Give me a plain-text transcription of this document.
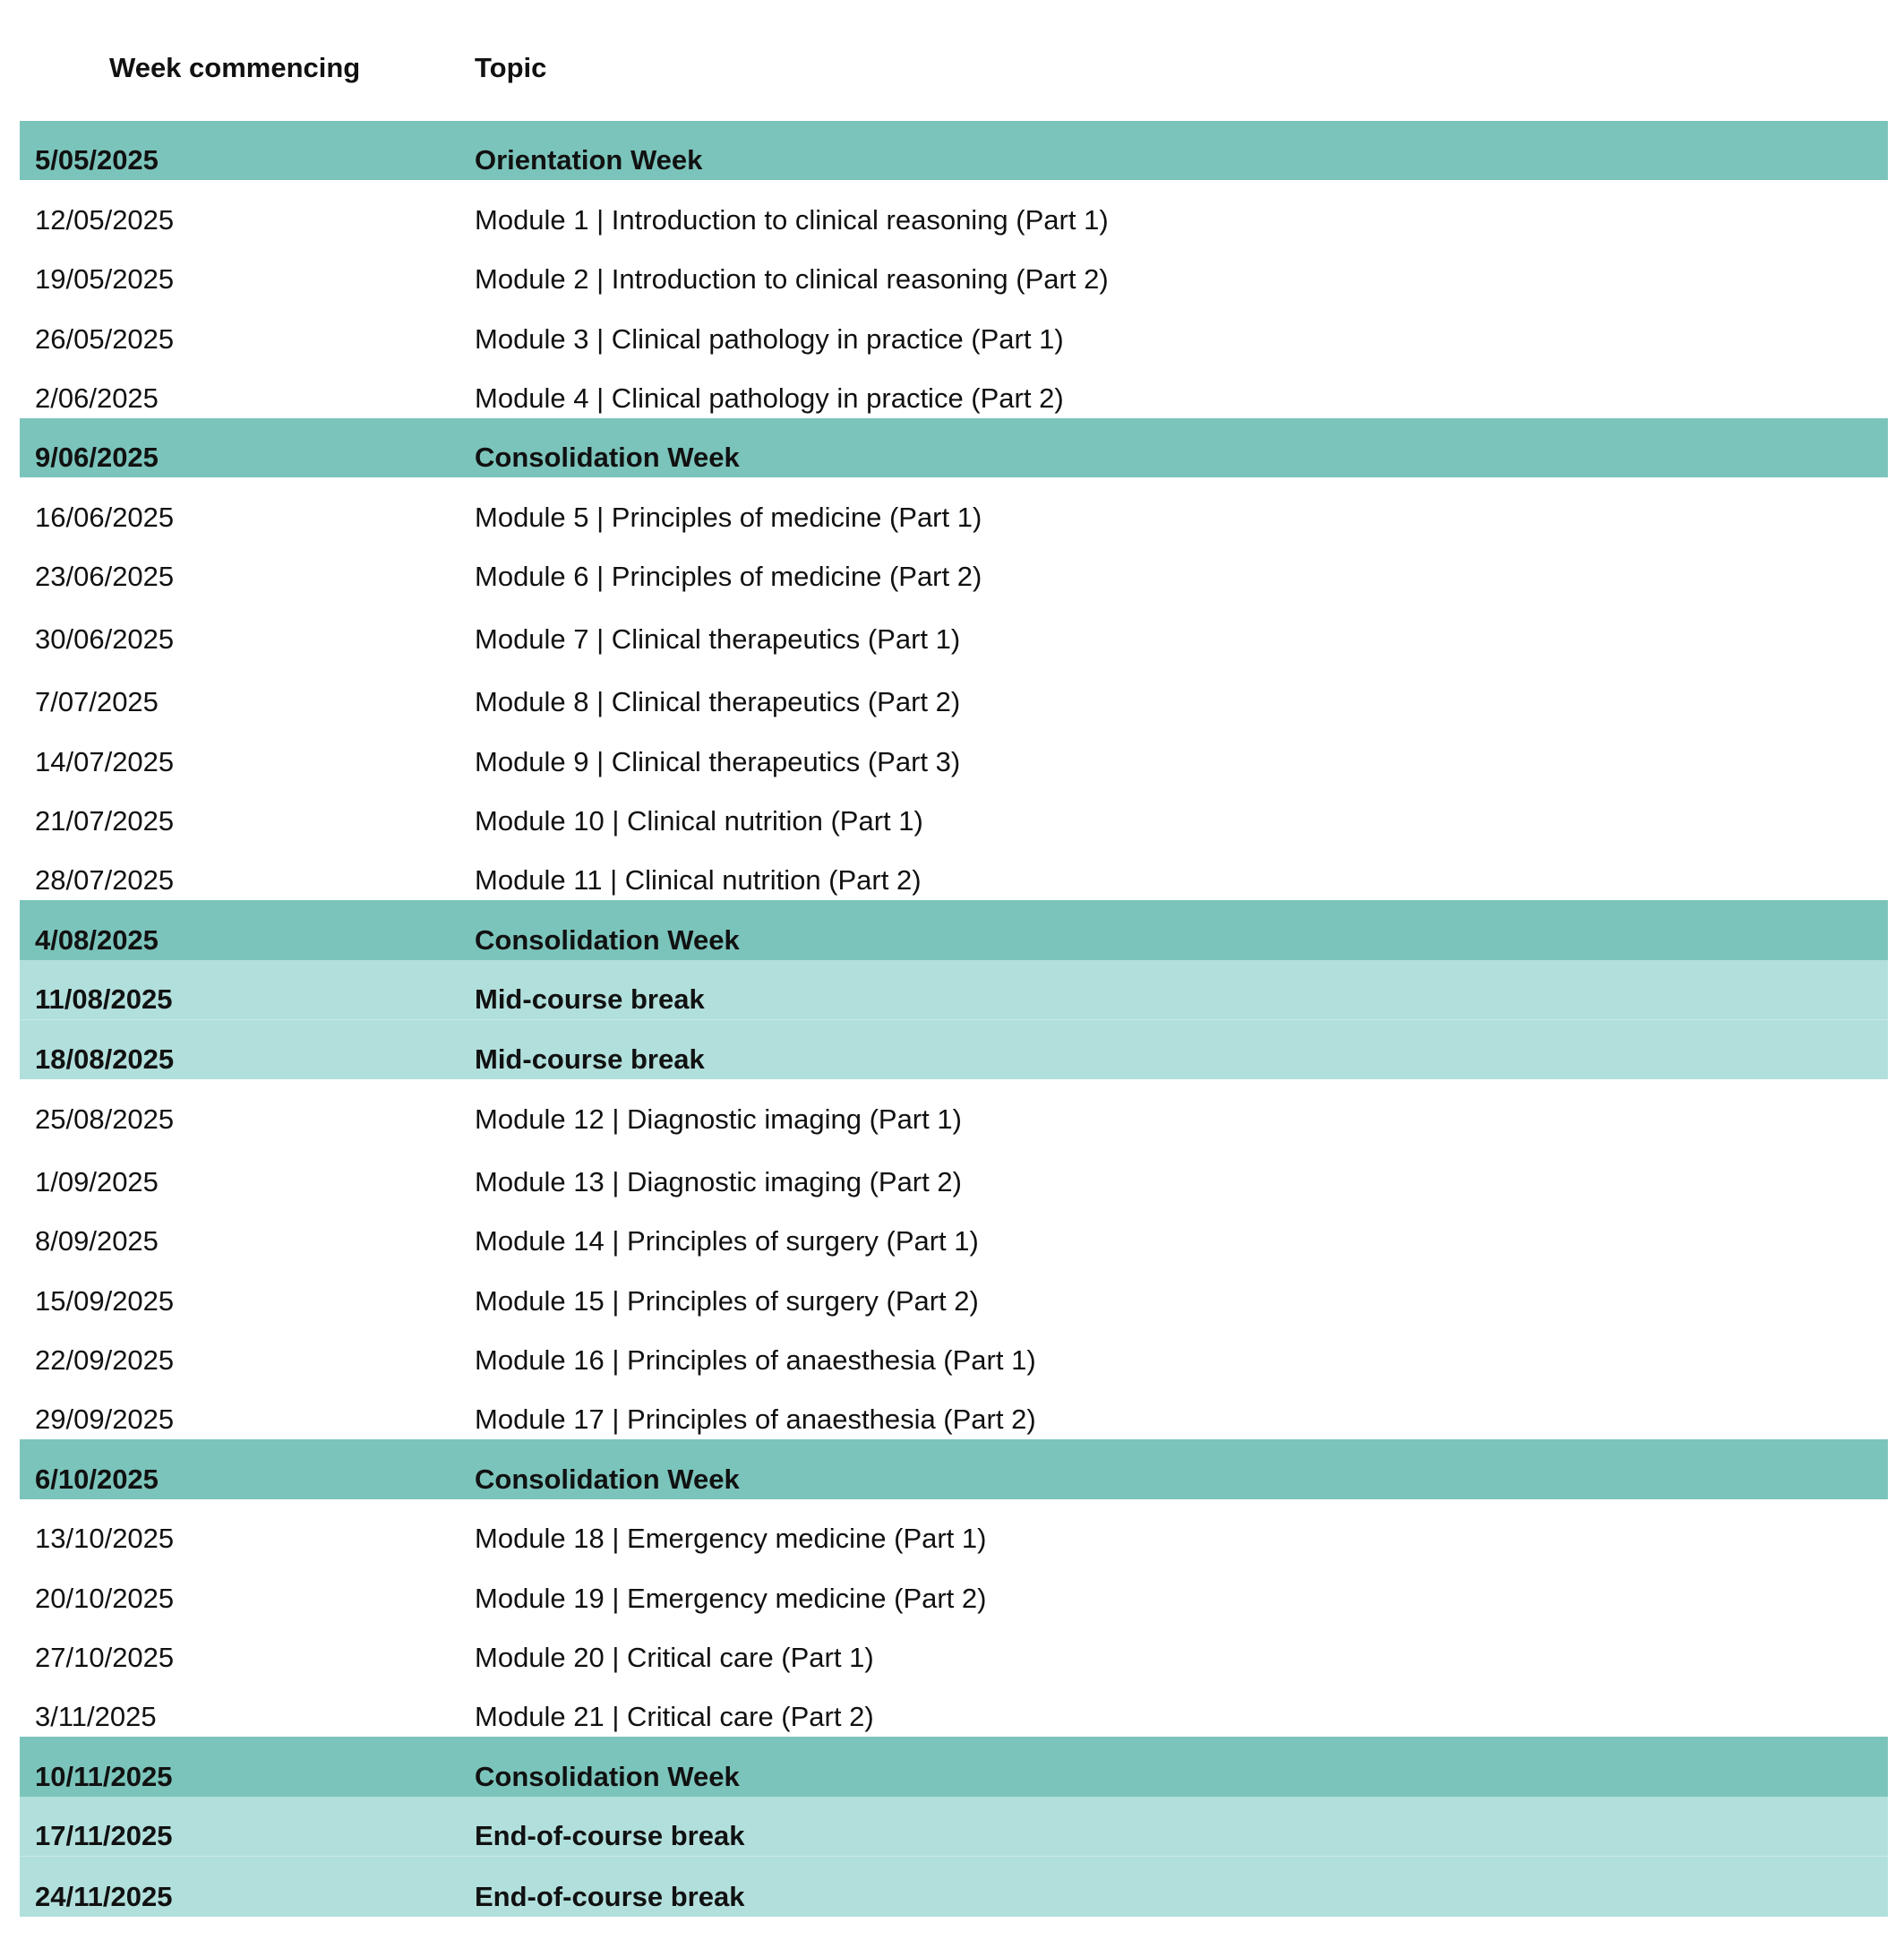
Week commencing	Topic
5/05/2025	Orientation Week
12/05/2025	Module 1 | Introduction to clinical reasoning (Part 1)
19/05/2025	Module 2 | Introduction to clinical reasoning (Part 2)
26/05/2025	Module 3 | Clinical pathology in practice (Part 1)
2/06/2025	Module 4 | Clinical pathology in practice (Part 2)
9/06/2025	Consolidation Week
16/06/2025	Module 5 | Principles of medicine (Part 1)
23/06/2025	Module 6 | Principles of medicine (Part 2)
30/06/2025	Module 7 | Clinical therapeutics (Part 1)
7/07/2025	Module 8 | Clinical therapeutics (Part 2)
14/07/2025	Module 9 | Clinical therapeutics (Part 3)
21/07/2025	Module 10 | Clinical nutrition (Part 1)
28/07/2025	Module 11 | Clinical nutrition (Part 2)
4/08/2025	Consolidation Week
11/08/2025	Mid-course break
18/08/2025	Mid-course break
25/08/2025	Module 12 | Diagnostic imaging (Part 1)
1/09/2025	Module 13 | Diagnostic imaging (Part 2)
8/09/2025	Module 14 | Principles of surgery (Part 1)
15/09/2025	Module 15 | Principles of surgery (Part 2)
22/09/2025	Module 16 | Principles of anaesthesia (Part 1)
29/09/2025	Module 17 | Principles of anaesthesia (Part 2)
6/10/2025	Consolidation Week
13/10/2025	Module 18 | Emergency medicine (Part 1)
20/10/2025	Module 19 | Emergency medicine (Part 2)
27/10/2025	Module 20 | Critical care (Part 1)
3/11/2025	Module 21 | Critical care (Part 2)
10/11/2025	Consolidation Week
17/11/2025	End-of-course break
24/11/2025	End-of-course break
